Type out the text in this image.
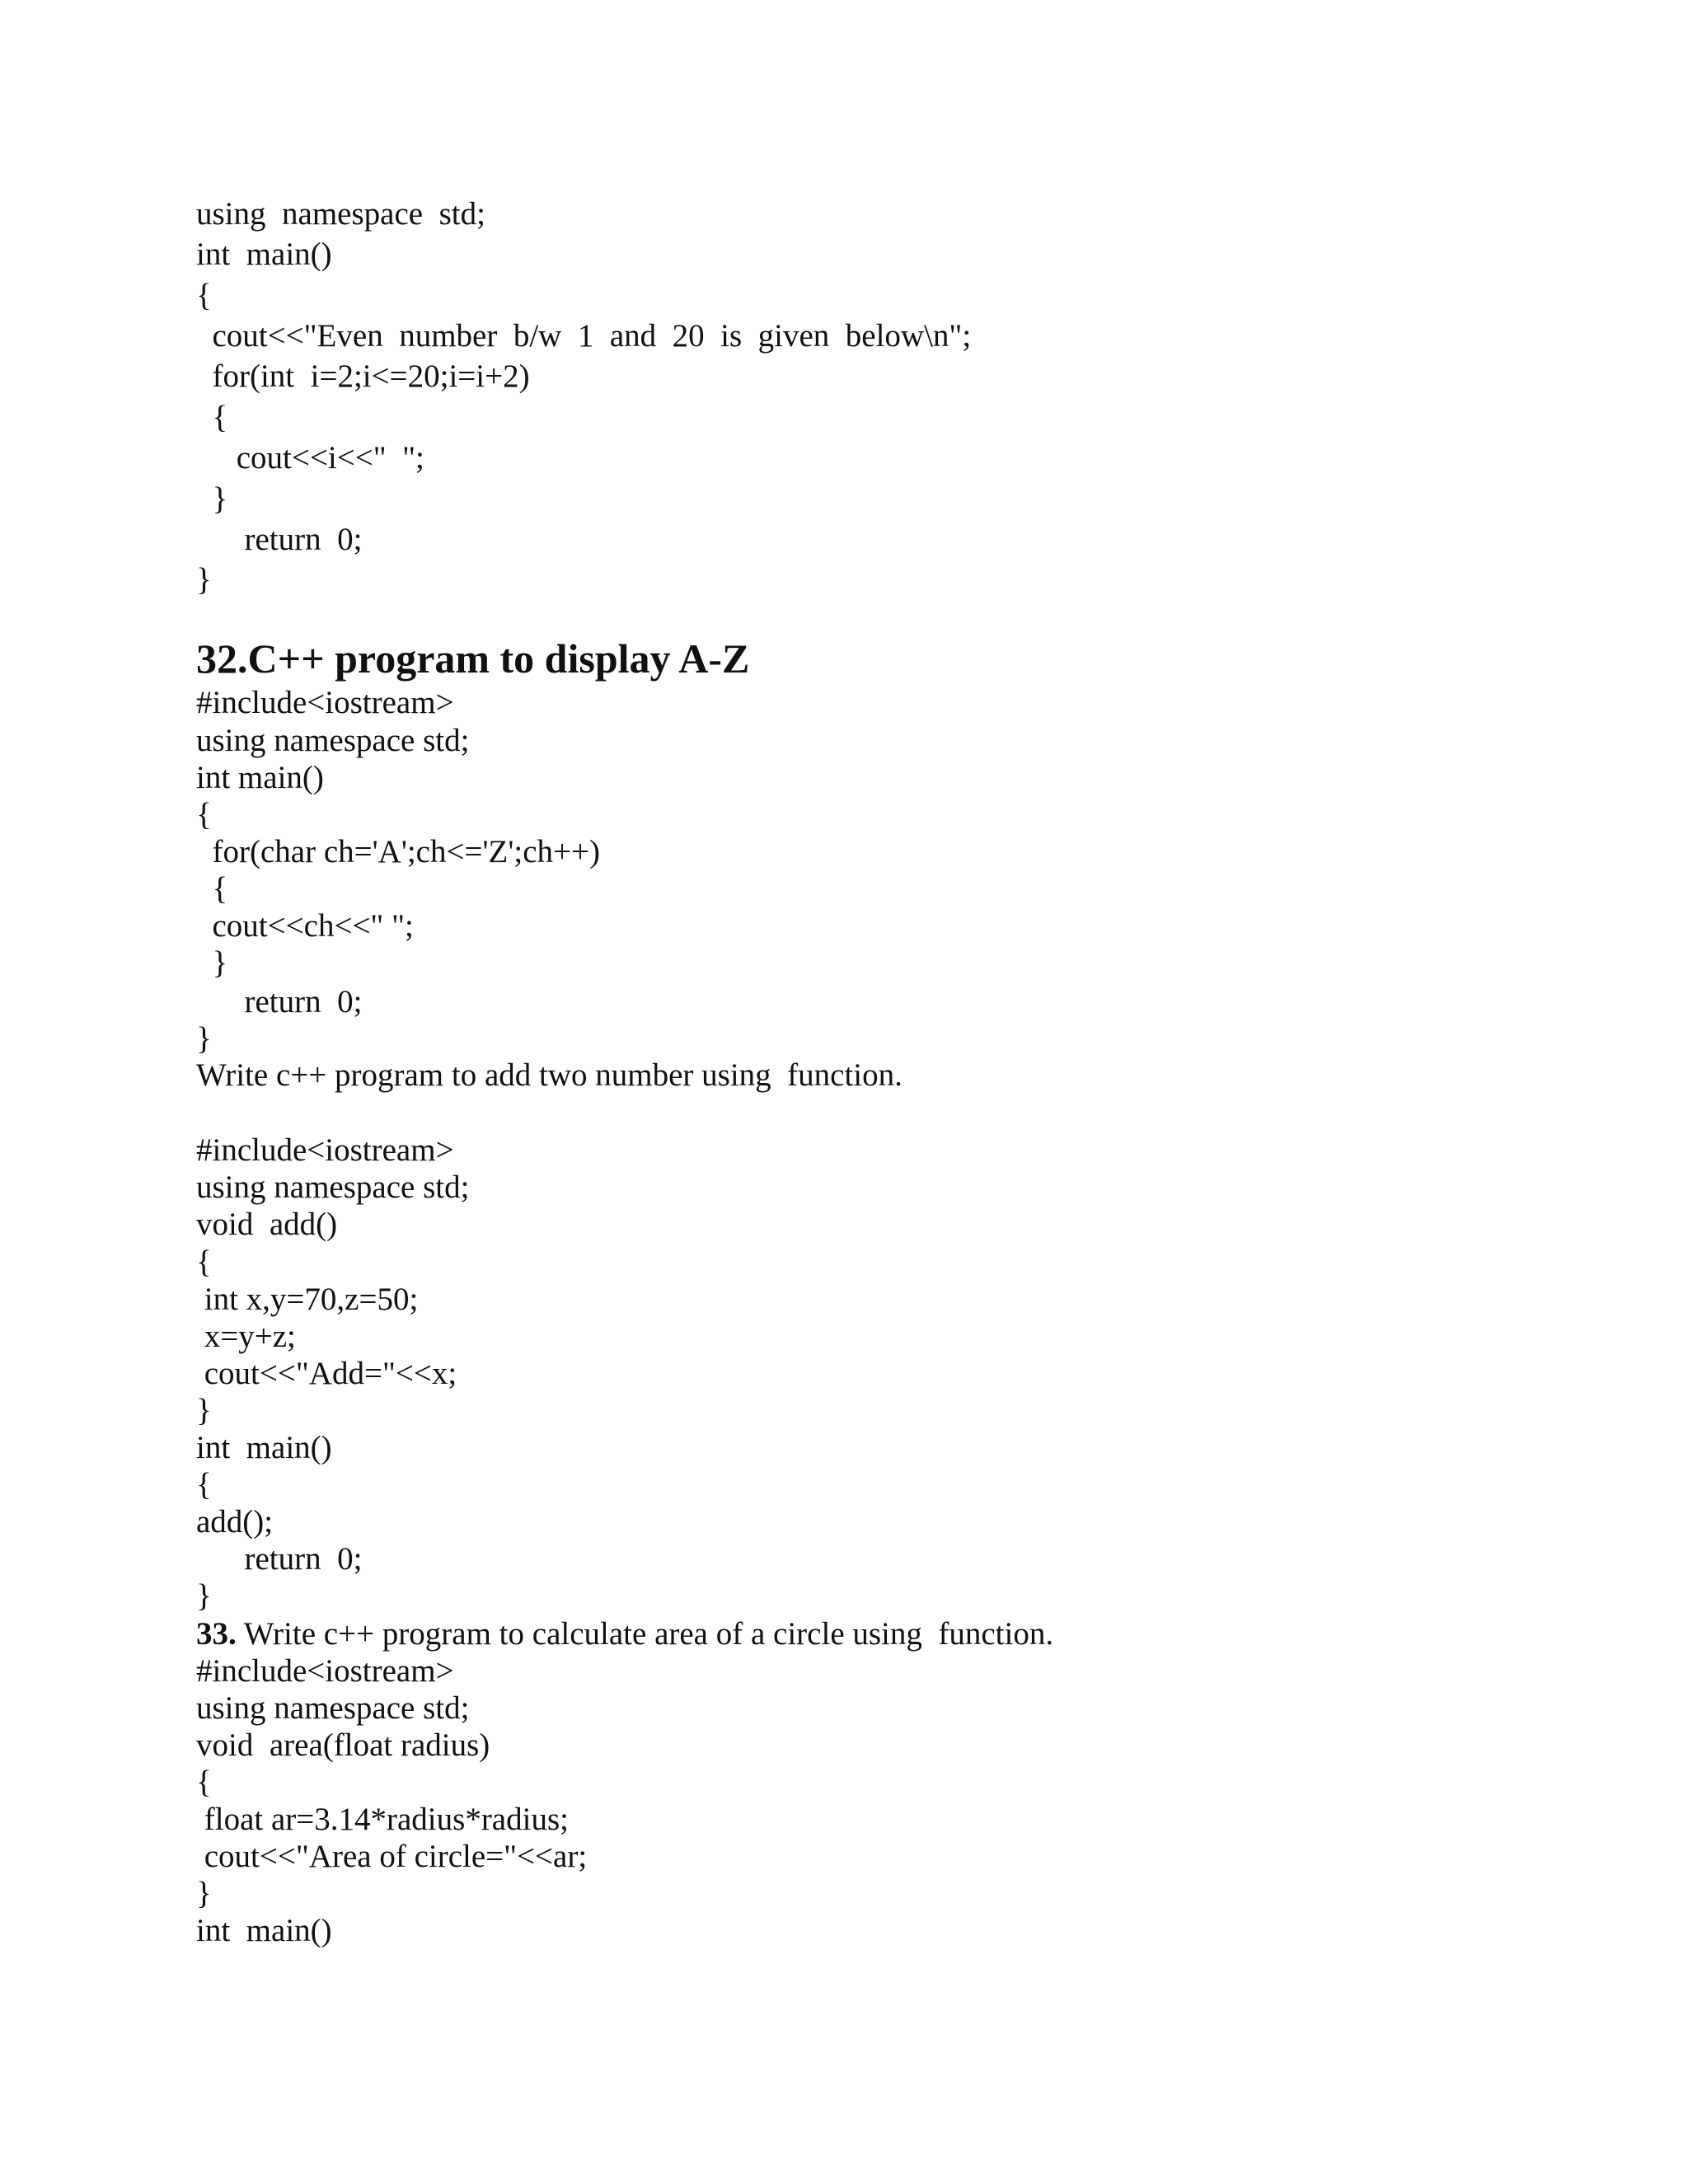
using  namespace  std;
int  main()
{
cout<<"Even  number  b/w  1  and  20  is  given  below\n";
for(int  i=2;i<=20;i=i+2)
{
cout<<i<<"  ";
}
return  0;
}
32.C++ program to display A-Z
#include<iostream>
using namespace std;
int main()
{
for(char ch='A';ch<='Z';ch++)
{
cout<<ch<<" ";
}
return  0;
}
Write c++ program to add two number using  function.
#include<iostream>
using namespace std;
void  add()
{
int x,y=70,z=50;
x=y+z;
cout<<"Add="<<x;
}
int  main()
{
add();
return  0;
}
33. Write c++ program to calculate area of a circle using  function.
#include<iostream>
using namespace std;
void  area(float radius)
{
float ar=3.14*radius*radius;
cout<<"Area of circle="<<ar;
}
int  main()
